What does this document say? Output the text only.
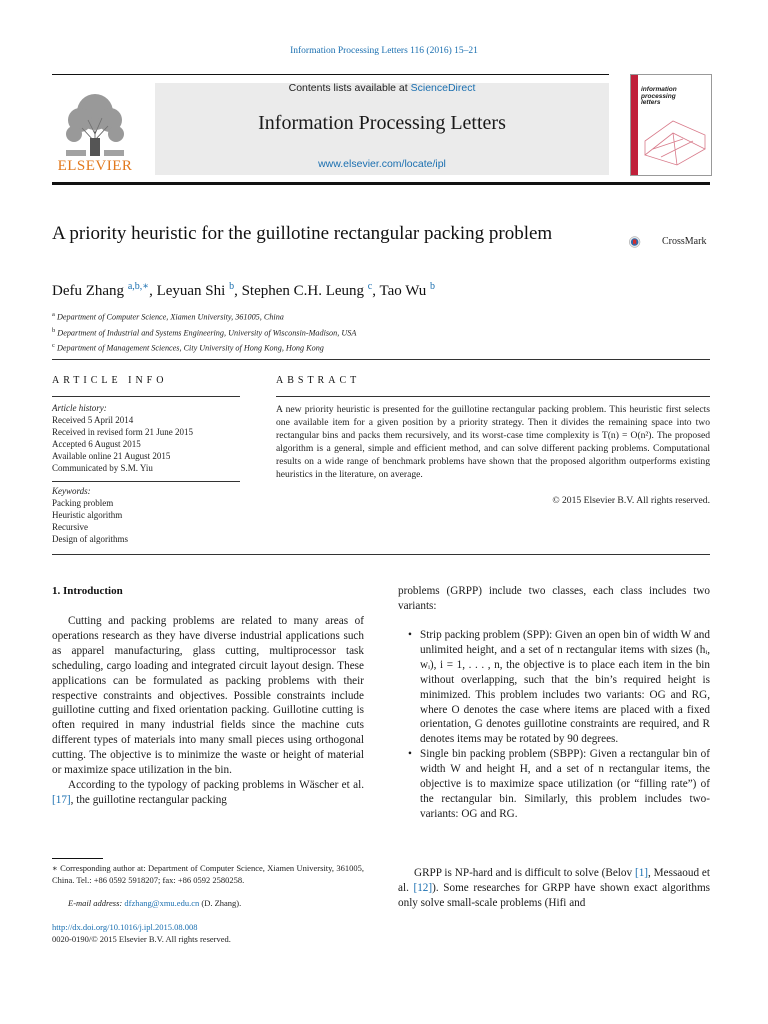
Information Processing Letters 116 (2016) 15–21
ELSEVIER
Contents lists available at ScienceDirect
Information Processing Letters
www.elsevier.com/locate/ipl
information
processing
letters
A priority heuristic for the guillotine rectangular packing problem	CrossMark
Defu Zhang $^{a,b,∗}$, Leyuan Shi $^b$, Stephen C.H. Leung $^c$, Tao Wu $^b$
$^a$ Department of Computer Science, Xiamen University, 361005, China
$^b$ Department of Industrial and Systems Engineering, University of Wisconsin-Madison, USA
$^c$ Department of Management Sciences, City University of Hong Kong, Hong Kong
ARTICLE INFO
Article history:
Received 5 April 2014
Received in revised form 21 June 2015
Accepted 6 August 2015
Available online 21 August 2015
Communicated by S.M. Yiu
Keywords:
Packing problem
Heuristic algorithm
Recursive
Design of algorithms
ABSTRACT
A new priority heuristic is presented for the guillotine rectangular packing problem. This heuristic first selects one available item for a given position by a priority strategy. Then it divides the remaining space into two rectangular bins and packs them recursively, and its worst-case time complexity is T(n) = O(n²). The proposed algorithm is a general, simple and efficient method, and can solve different packing problems. Computational results on a wide range of benchmark problems have shown that the proposed algorithm outperforms existing heuristics in the literature, on average.
© 2015 Elsevier B.V. All rights reserved.
1. Introduction

Cutting and packing problems are related to many areas of operations research as they have diverse industrial applications such as apparel manufacturing, glass cutting, multiprocessor task scheduling, cargo loading and integrated circuit layout design. These applications can be formulated as packing problems with their respective constraints and objectives. Possible constraints include guillotine cutting and fixed orientation packing. Guillotine cutting is often required in many industrial fields since the machine cuts different types of materials into many small pieces using orthogonal cutting. The objective is to minimize the waste or height of material or maximize space utilization in the bin.

According to the typology of packing problems in Wäscher et al. [17], the guillotine rectangular packing

problems (GRPP) include two classes, each class includes two variants:

• Strip packing problem (SPP): Given an open bin of width W and unlimited height, and a set of n rectangular items with sizes (hᵢ, wᵢ), i = 1, . . . , n, the objective is to place each item in the bin without overlapping, such that the bin’s required height is minimized. This problem includes two variants: OG and RG, where O denotes the case where items are placed with a fixed orientation, G denotes guillotine constraints are required, and R denotes items may be rotated by 90 degrees.
• Single bin packing problem (SBPP): Given a rectangular bin of width W and height H, and a set of n rectangular items, the objective is to maximize space utilization (or “filling rate”) of the rectangular bin. Similarly, this problem includes two-variants: OG and RG.

GRPP is NP-hard and is difficult to solve (Belov [1], Messaoud et al. [12]). Some researches for GRPP have shown exact algorithms only solve small-scale problems (Hifi and

∗ Corresponding author at: Department of Computer Science, Xiamen University, 361005, China. Tel.: +86 0592 5918207; fax: +86 0592 2580258.
E-mail address: dfzhang@xmu.edu.cn (D. Zhang).
http://dx.doi.org/10.1016/j.ipl.2015.08.008
0020-0190/© 2015 Elsevier B.V. All rights reserved.
